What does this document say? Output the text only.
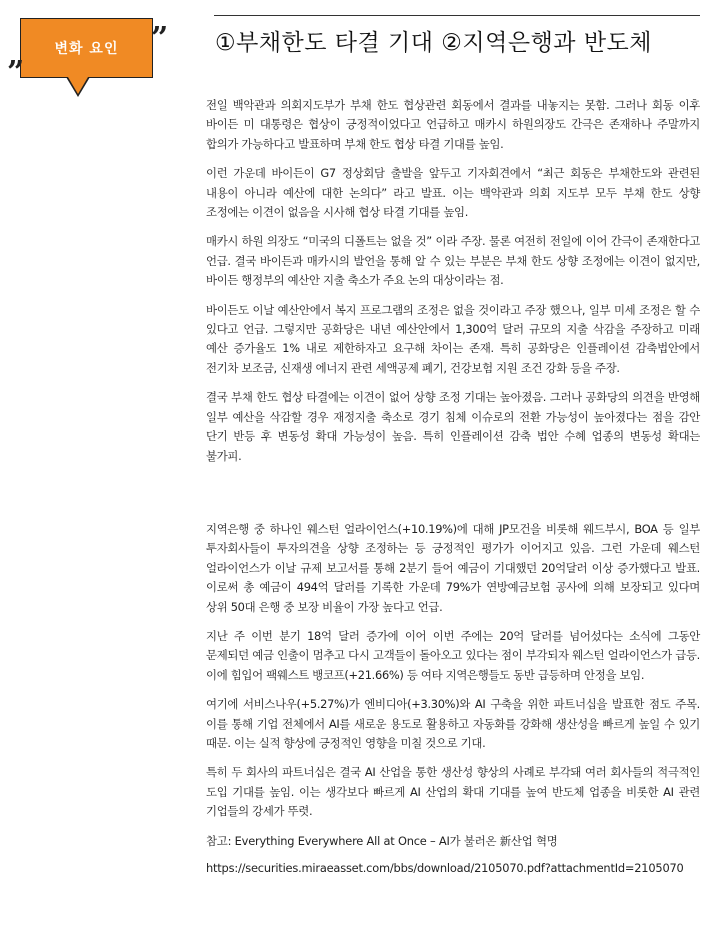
변화 요인	”
”
①부채한도 타결 기대 ②지역은행과 반도체

전일 백악관과 의회지도부가 부채 한도 협상관련 회동에서 결과를 내놓지는 못함. 그러나 회동 이후 바이든 미 대통령은 협상이 긍정적이었다고 언급하고 매카시 하원의장도 간극은 존재하나 주말까지 합의가 가능하다고 발표하며 부채 한도 협상 타결 기대를 높임.

이런 가운데 바이든이 G7 정상회담 출발을 앞두고 기자회견에서 “최근 회동은 부채한도와 관련된 내용이 아니라 예산에 대한 논의다” 라고 발표. 이는 백악관과 의회 지도부 모두 부채 한도 상향 조정에는 이견이 없음을 시사해 협상 타결 기대를 높임.

매카시 하원 의장도 “미국의 디폴트는 없을 것” 이라 주장. 물론 여전히 전일에 이어 간극이 존재한다고 언급. 결국 바이든과 매카시의 발언을 통해 알 수 있는 부분은 부채 한도 상향 조정에는 이견이 없지만, 바이든 행정부의 예산안 지출 축소가 주요 논의 대상이라는 점.

바이든도 이날 예산안에서 복지 프로그램의 조정은 없을 것이라고 주장 했으나, 일부 미세 조정은 할 수 있다고 언급. 그렇지만 공화당은 내년 예산안에서 1,300억 달러 규모의 지출 삭감을 주장하고 미래 예산 증가율도 1% 내로 제한하자고 요구해 차이는 존재. 특히 공화당은 인플레이션 감축법안에서 전기차 보조금, 신재생 에너지 관련 세액공제 폐기, 건강보험 지원 조건 강화 등을 주장.

결국 부채 한도 협상 타결에는 이견이 없어 상향 조정 기대는 높아졌음. 그러나 공화당의 의견을 반영해 일부 예산을 삭감할 경우 재정지출 축소로 경기 침체 이슈로의 전환 가능성이 높아졌다는 점을 감안 단기 반등 후 변동성 확대 가능성이 높음. 특히 인플레이션 감축 법안 수혜 업종의 변동성 확대는 불가피.

지역은행 중 하나인 웨스턴 얼라이언스(+10.19%)에 대해 JP모건을 비롯해 웨드부시, BOA 등 일부 투자회사들이 투자의견을 상향 조정하는 등 긍정적인 평가가 이어지고 있음. 그런 가운데 웨스턴 얼라이언스가 이날 규제 보고서를 통해 2분기 들어 예금이 기대했던 20억달러 이상 증가했다고 발표. 이로써 총 예금이 494억 달러를 기록한 가운데 79%가 연방예금보험 공사에 의해 보장되고 있다며 상위 50대 은행 중 보장 비율이 가장 높다고 언급.

지난 주 이번 분기 18억 달러 증가에 이어 이번 주에는 20억 달러를 넘어섰다는 소식에 그동안 문제되던 예금 인출이 멈추고 다시 고객들이 돌아오고 있다는 점이 부각되자 웨스턴 얼라이언스가 급등. 이에 힘입어 팩웨스트 뱅코프(+21.66%) 등 여타 지역은행들도 동반 급등하며 안정을 보임.

여기에 서비스나우(+5.27%)가 엔비디아(+3.30%)와 AI 구축을 위한 파트너십을 발표한 점도 주목. 이를 통해 기업 전체에서 AI를 새로운 용도로 활용하고 자동화를 강화해 생산성을 빠르게 높일 수 있기 때문. 이는 실적 향상에 긍정적인 영향을 미칠 것으로 기대.

특히 두 회사의 파트너십은 결국 AI 산업을 통한 생산성 향상의 사례로 부각돼 여러 회사들의 적극적인 도입 기대를 높임. 이는 생각보다 빠르게 AI 산업의 확대 기대를 높여 반도체 업종을 비롯한 AI 관련 기업들의 강세가 뚜렷.

참고: Everything Everywhere All at Once – AI가 불러온 新산업 혁명

https://securities.miraeasset.com/bbs/download/2105070.pdf?attachmentId=2105070
